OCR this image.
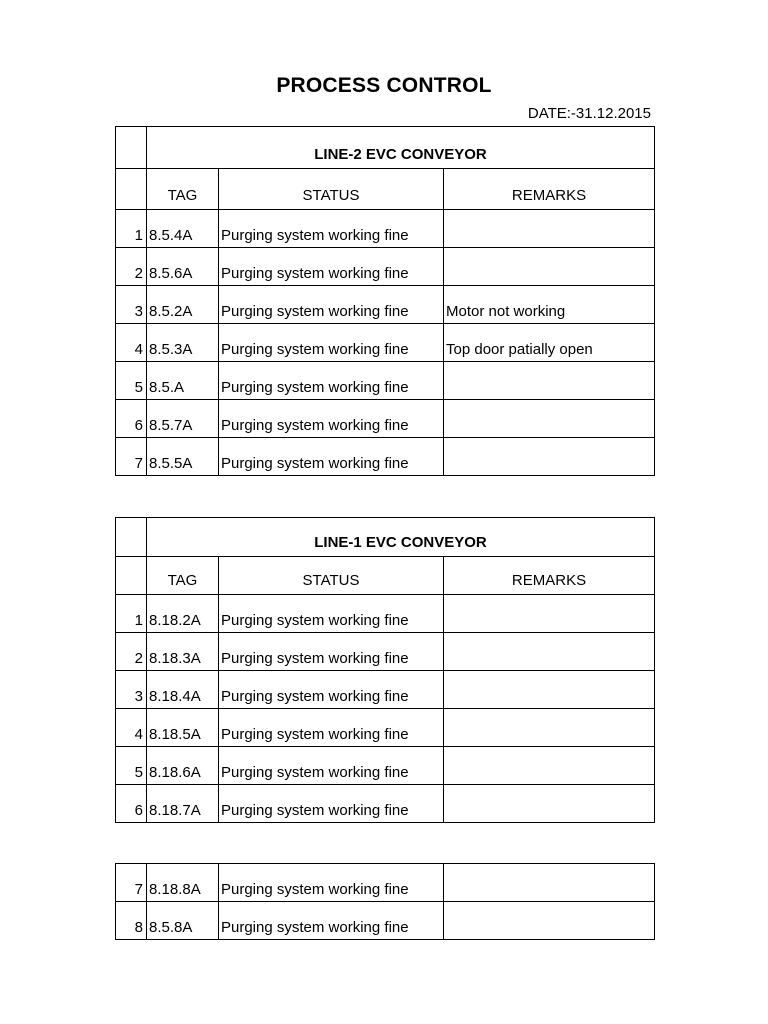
PROCESS CONTROL
DATE:-31.12.2015
	LINE-2 EVC CONVEYOR		
	TAG	STATUS	REMARKS
1	8.5.4A	Purging system working fine	
2	8.5.6A	Purging system working fine	
3	8.5.2A	Purging system working fine	Motor not working
4	8.5.3A	Purging system working fine	Top door patially open
5	8.5.A	Purging system working fine	
6	8.5.7A	Purging system working fine	
7	8.5.5A	Purging system working fine	
	LINE-1 EVC CONVEYOR		
	TAG	STATUS	REMARKS
1	8.18.2A	Purging system working fine	
2	8.18.3A	Purging system working fine	
3	8.18.4A	Purging system working fine	
4	8.18.5A	Purging system working fine	
5	8.18.6A	Purging system working fine	
6	8.18.7A	Purging system working fine	
7	8.18.8A	Purging system working fine	
8	8.5.8A	Purging system working fine	
